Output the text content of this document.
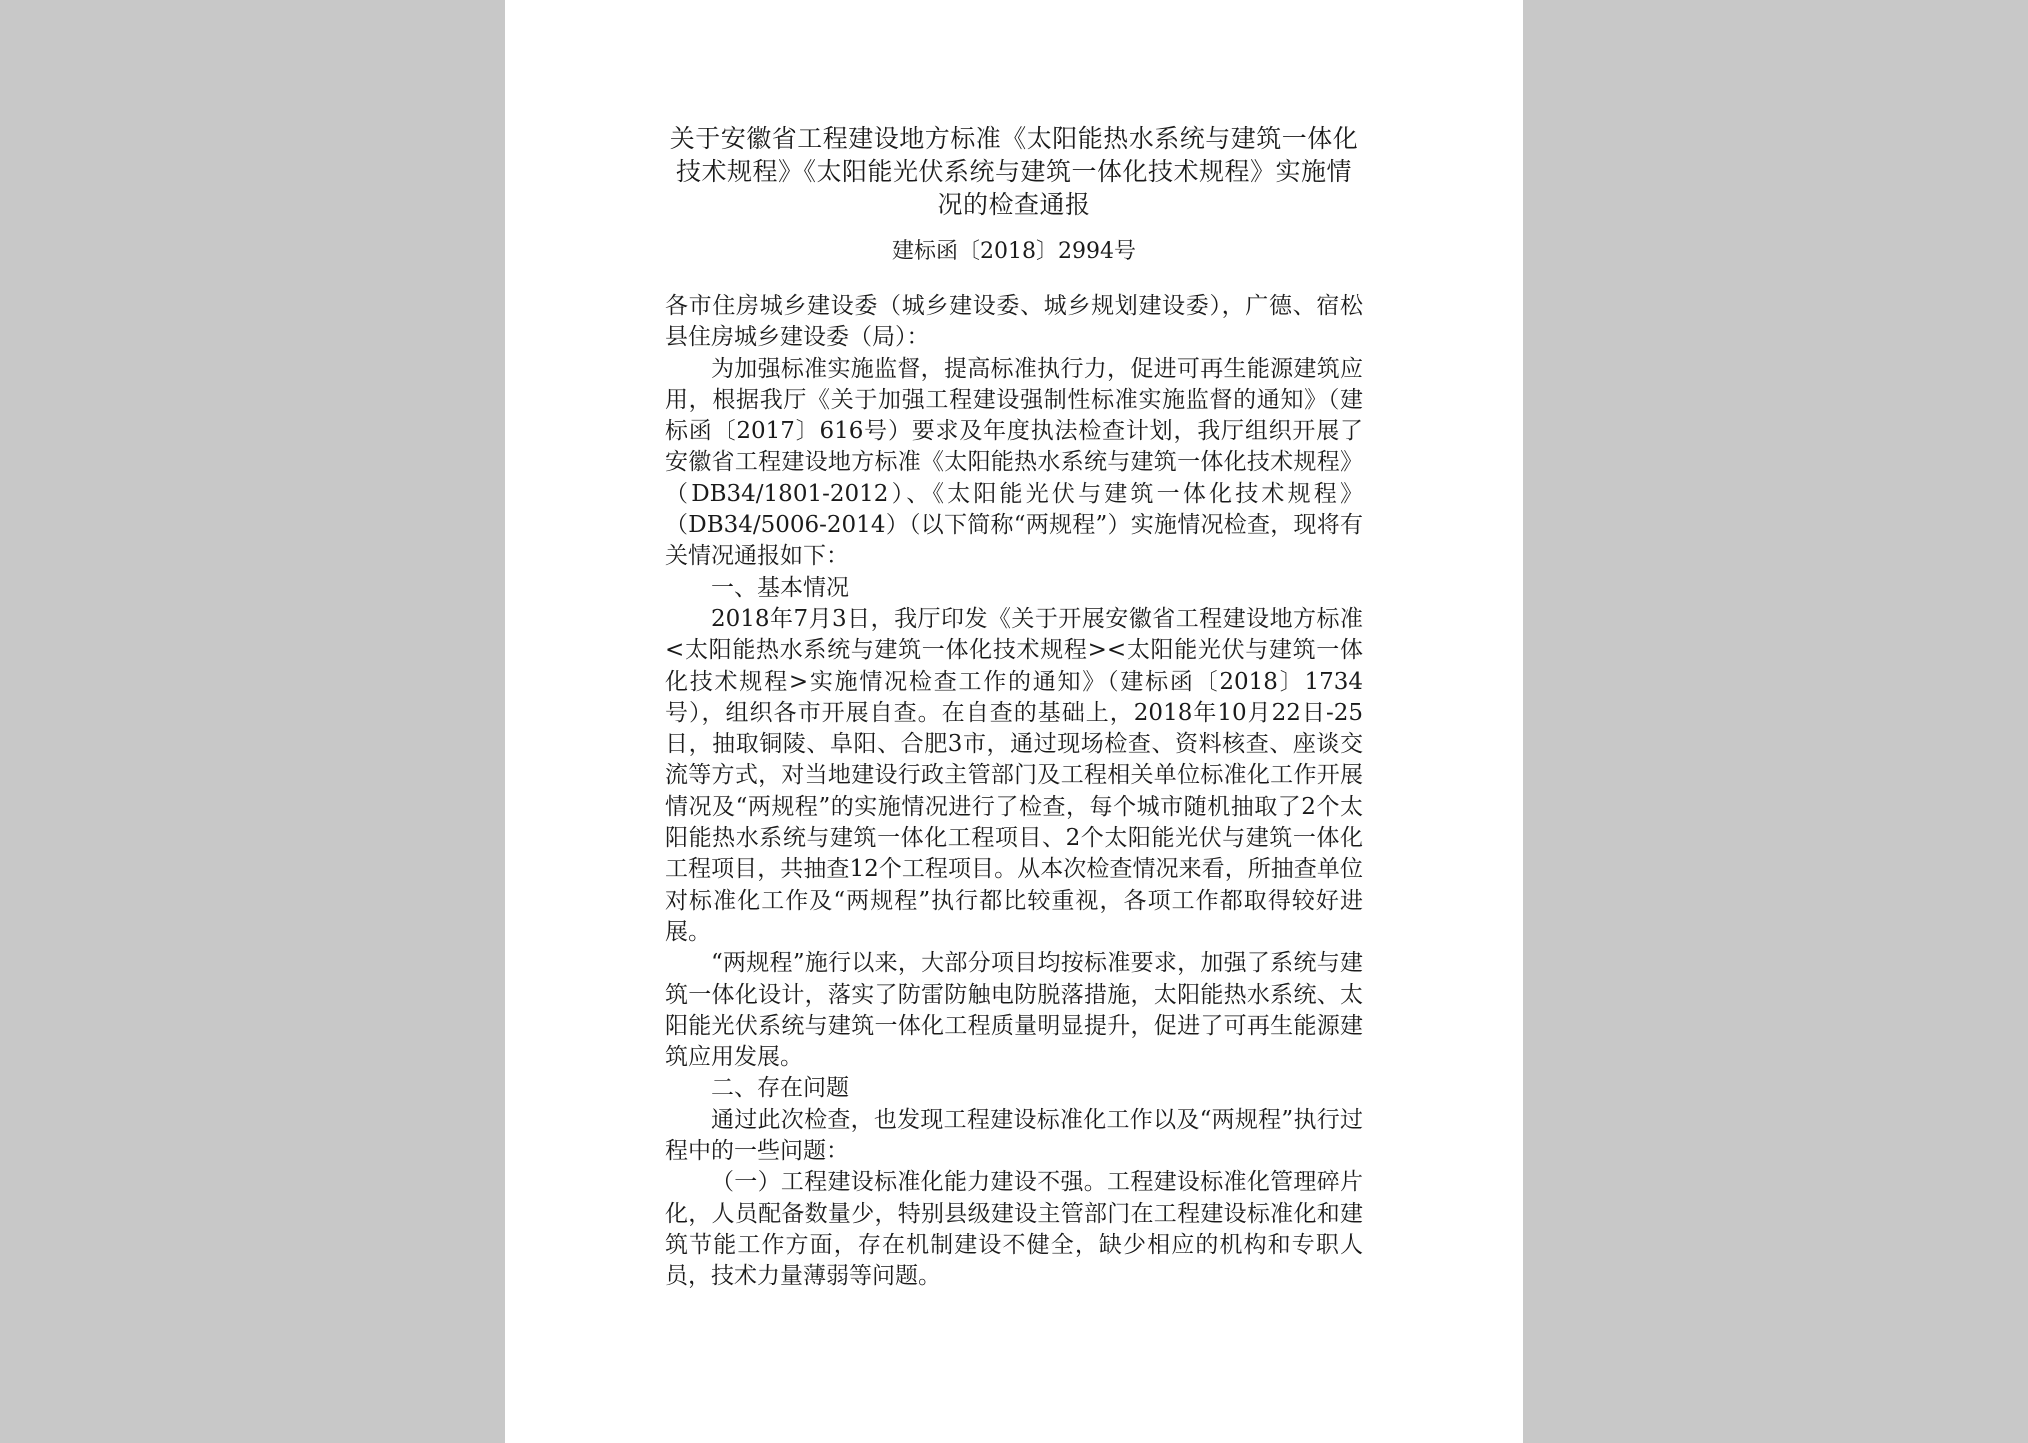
关于安徽省工程建设地方标准《太阳能热水系统与建筑一体化技术规程》《太阳能光伏系统与建筑一体化技术规程》实施情况的检查通报
建标函〔2018〕2994号

各市住房城乡建设委（城乡建设委、城乡规划建设委），广德、宿松县住房城乡建设委（局）：

为加强标准实施监督，提高标准执行力，促进可再生能源建筑应用，根据我厅《关于加强工程建设强制性标准实施监督的通知》（建标函〔2017〕616号）要求及年度执法检查计划，我厅组织开展了安徽省工程建设地方标准《太阳能热水系统与建筑一体化技术规程》（DB34/1801-2012）、《太阳能光伏与建筑一体化技术规程》（DB34/5006-2014）（以下简称“两规程”）实施情况检查，现将有关情况通报如下：

一、基本情况

2018年7月3日，我厅印发《关于开展安徽省工程建设地方标准<太阳能热水系统与建筑一体化技术规程><太阳能光伏与建筑一体化技术规程>实施情况检查工作的通知》（建标函〔2018〕1734号），组织各市开展自查。在自查的基础上，2018年10月22日-25日，抽取铜陵、阜阳、合肥3市，通过现场检查、资料核查、座谈交流等方式，对当地建设行政主管部门及工程相关单位标准化工作开展情况及“两规程”的实施情况进行了检查，每个城市随机抽取了2个太阳能热水系统与建筑一体化工程项目、2个太阳能光伏与建筑一体化工程项目，共抽查12个工程项目。从本次检查情况来看，所抽查单位对标准化工作及“两规程”执行都比较重视，各项工作都取得较好进展。

“两规程”施行以来，大部分项目均按标准要求，加强了系统与建筑一体化设计，落实了防雷防触电防脱落措施，太阳能热水系统、太阳能光伏系统与建筑一体化工程质量明显提升，促进了可再生能源建筑应用发展。

二、存在问题

通过此次检查，也发现工程建设标准化工作以及“两规程”执行过程中的一些问题：

（一）工程建设标准化能力建设不强。工程建设标准化管理碎片化，人员配备数量少，特别县级建设主管部门在工程建设标准化和建筑节能工作方面，存在机制建设不健全，缺少相应的机构和专职人员，技术力量薄弱等问题。
